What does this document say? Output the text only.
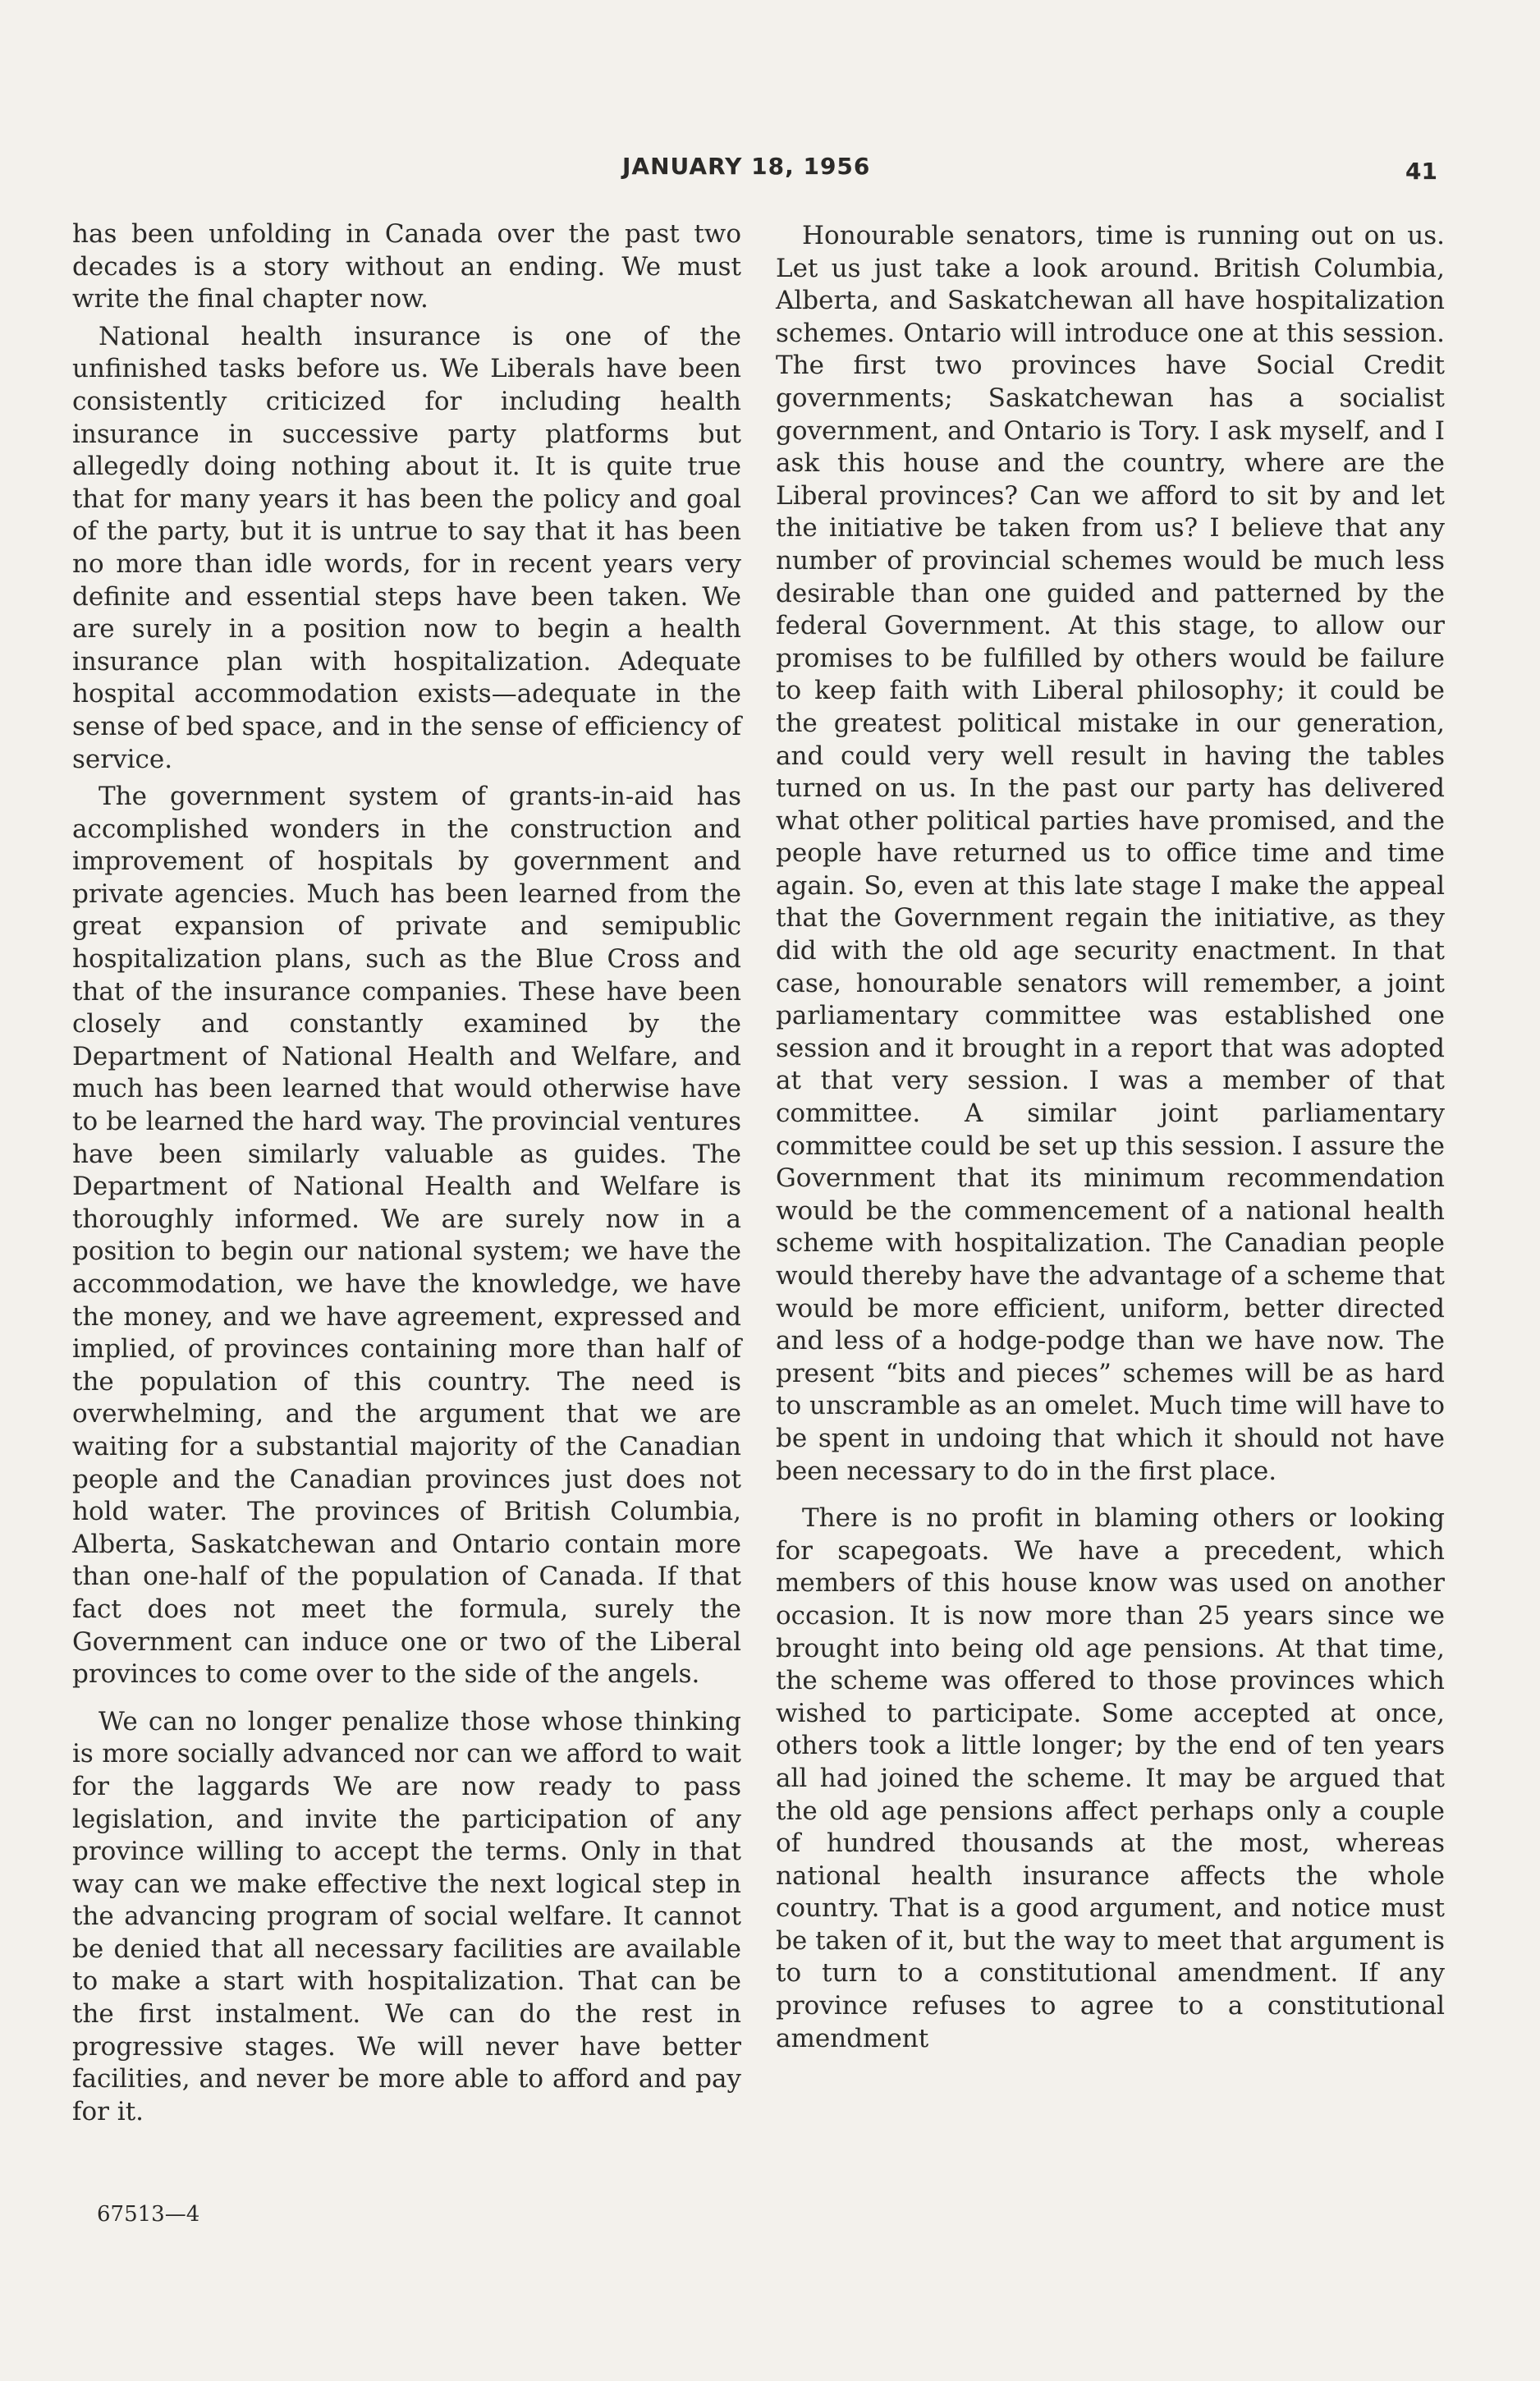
JANUARY 18, 1956	41

has been unfolding in Canada over the past two decades is a story without an ending. We must write the final chapter now.

National health insurance is one of the unfinished tasks before us. We Liberals have been consistently criticized for including health insurance in successive party platforms but allegedly doing nothing about it. It is quite true that for many years it has been the policy and goal of the party, but it is untrue to say that it has been no more than idle words, for in recent years very definite and essential steps have been taken. We are surely in a position now to begin a health insurance plan with hospitalization. Adequate hospital accommodation exists—adequate in the sense of bed space, and in the sense of efficiency of service.

The government system of grants-in-aid has accomplished wonders in the construction and improvement of hospitals by government and private agencies. Much has been learned from the great expansion of private and semipublic hospitalization plans, such as the Blue Cross and that of the insurance companies. These have been closely and constantly examined by the Department of National Health and Welfare, and much has been learned that would otherwise have to be learned the hard way. The provincial ventures have been similarly valuable as guides. The Department of National Health and Welfare is thoroughly informed. We are surely now in a position to begin our national system; we have the accommodation, we have the knowledge, we have the money, and we have agreement, expressed and implied, of provinces containing more than half of the population of this country. The need is overwhelming, and the argument that we are waiting for a substantial majority of the Canadian people and the Canadian provinces just does not hold water. The provinces of British Columbia, Alberta, Saskatchewan and Ontario contain more than one-half of the population of Canada. If that fact does not meet the formula, surely the Government can induce one or two of the Liberal provinces to come over to the side of the angels.

We can no longer penalize those whose thinking is more socially advanced nor can we afford to wait for the laggards We are now ready to pass legislation, and invite the participation of any province willing to accept the terms. Only in that way can we make effective the next logical step in the advancing program of social welfare. It cannot be denied that all necessary facilities are available to make a start with hospitalization. That can be the first instalment. We can do the rest in progressive stages. We will never have better facilities, and never be more able to afford and pay for it.

Honourable senators, time is running out on us. Let us just take a look around. British Columbia, Alberta, and Saskatchewan all have hospitalization schemes. Ontario will introduce one at this session. The first two provinces have Social Credit governments; Saskatchewan has a socialist government, and Ontario is Tory. I ask myself, and I ask this house and the country, where are the Liberal provinces? Can we afford to sit by and let the initiative be taken from us? I believe that any number of provincial schemes would be much less desirable than one guided and patterned by the federal Government. At this stage, to allow our promises to be fulfilled by others would be failure to keep faith with Liberal philosophy; it could be the greatest political mistake in our generation, and could very well result in having the tables turned on us. In the past our party has delivered what other political parties have promised, and the people have returned us to office time and time again. So, even at this late stage I make the appeal that the Government regain the initiative, as they did with the old age security enactment. In that case, honourable senators will remember, a joint parliamentary committee was established one session and it brought in a report that was adopted at that very session. I was a member of that committee. A similar joint parliamentary committee could be set up this session. I assure the Government that its minimum recommendation would be the commencement of a national health scheme with hospitalization. The Canadian people would thereby have the advantage of a scheme that would be more efficient, uniform, better directed and less of a hodge-podge than we have now. The present “bits and pieces” schemes will be as hard to unscramble as an omelet. Much time will have to be spent in undoing that which it should not have been necessary to do in the first place.

There is no profit in blaming others or looking for scapegoats. We have a precedent, which members of this house know was used on another occasion. It is now more than 25 years since we brought into being old age pensions. At that time, the scheme was offered to those provinces which wished to participate. Some accepted at once, others took a little longer; by the end of ten years all had joined the scheme. It may be argued that the old age pensions affect perhaps only a couple of hundred thousands at the most, whereas national health insurance affects the whole country. That is a good argument, and notice must be taken of it, but the way to meet that argument is to turn to a constitutional amendment. If any province refuses to agree to a constitutional amendment

67513—4
